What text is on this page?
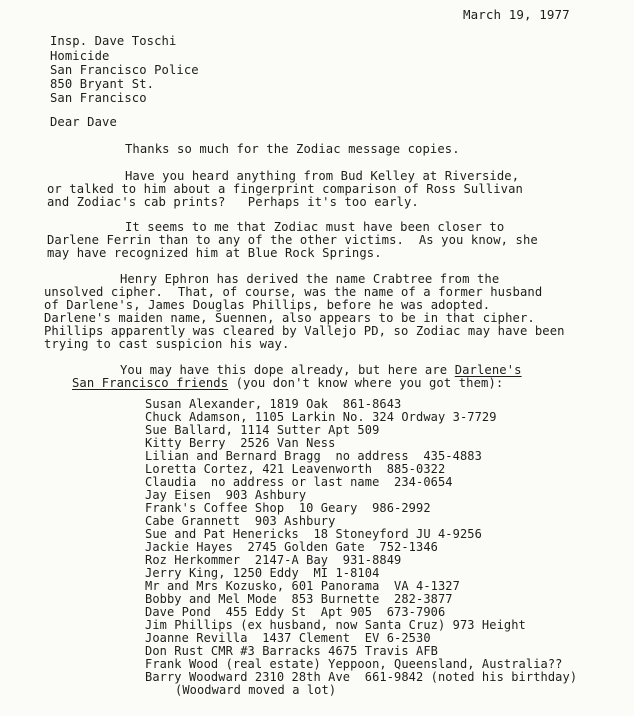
March 19, 1977
Insp. Dave Toschi
Homicide
San Francisco Police
850 Bryant St.
San Francisco
Dear Dave
Thanks so much for the Zodiac message copies.
Have you heard anything from Bud Kelley at Riverside,
or talked to him about a fingerprint comparison of Ross Sullivan
and Zodiac's cab prints?   Perhaps it's too early.
It seems to me that Zodiac must have been closer to
Darlene Ferrin than to any of the other victims.  As you know, she
may have recognized him at Blue Rock Springs.
Henry Ephron has derived the name Crabtree from the
unsolved cipher.  That, of course, was the name of a former husband
of Darlene's, James Douglas Phillips, before he was adopted.
Darlene's maiden name, Suennen, also appears to be in that cipher.
Phillips apparently was cleared by Vallejo PD, so Zodiac may have been
trying to cast suspicion his way.
You may have this dope already, but here are Darlene's
San Francisco friends (you don't know where you got them):
Susan Alexander, 1819 Oak  861-8643
Chuck Adamson, 1105 Larkin No. 324 Ordway 3-7729
Sue Ballard, 1114 Sutter Apt 509
Kitty Berry  2526 Van Ness
Lilian and Bernard Bragg  no address  435-4883
Loretta Cortez, 421 Leavenworth  885-0322
Claudia  no address or last name  234-0654
Jay Eisen  903 Ashbury
Frank's Coffee Shop  10 Geary  986-2992
Cabe Grannett  903 Ashbury
Sue and Pat Henericks  18 Stoneyford JU 4-9256
Jackie Hayes  2745 Golden Gate  752-1346
Roz Herkommer  2147-A Bay  931-8849
Jerry King, 1250 Eddy  MI 1-8104
Mr and Mrs Kozusko, 601 Panorama  VA 4-1327
Bobby and Mel Mode  853 Burnette  282-3877
Dave Pond  455 Eddy St  Apt 905  673-7906
Jim Phillips (ex husband, now Santa Cruz) 973 Height
Joanne Revilla  1437 Clement  EV 6-2530
Don Rust CMR #3 Barracks 4675 Travis AFB
Frank Wood (real estate) Yeppoon, Queensland, Australia??
Barry Woodward 2310 28th Ave  661-9842 (noted his birthday)
(Woodward moved a lot)
